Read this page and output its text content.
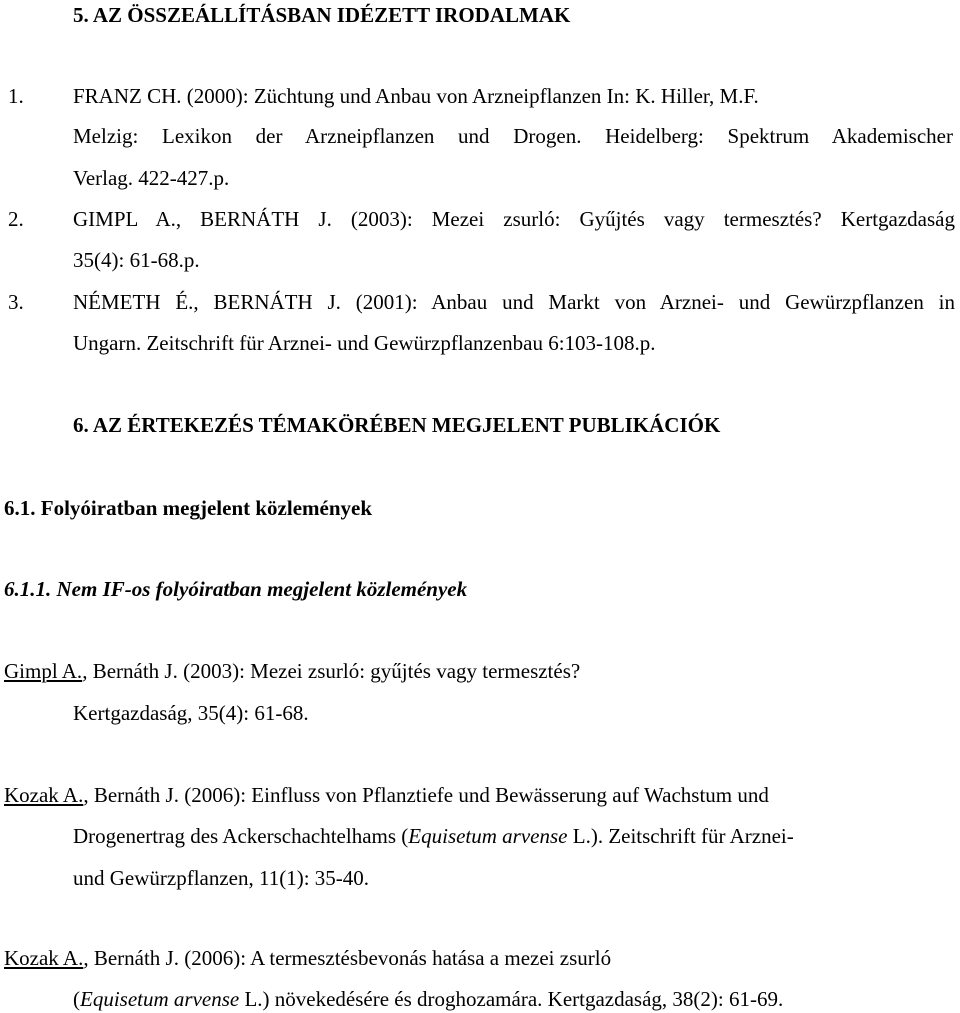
5. AZ ÖSSZEÁLLÍTÁSBAN IDÉZETT IRODALMAK
1. FRANZ CH. (2000): Züchtung und Anbau von Arzneipflanzen In: K. Hiller, M.F.
Melzig: Lexikon der Arzneipflanzen und Drogen. Heidelberg: Spektrum Akademischer
Verlag. 422-427.p.
2. GIMPL A., BERNÁTH J. (2003): Mezei zsurló: Gyűjtés vagy termesztés? Kertgazdaság
35(4): 61-68.p.
3. NÉMETH É., BERNÁTH J. (2001): Anbau und Markt von Arznei- und Gewürzpflanzen in
Ungarn. Zeitschrift für Arznei- und Gewürzpflanzenbau 6:103-108.p.
6. AZ ÉRTEKEZÉS TÉMAKÖRÉBEN MEGJELENT PUBLIKÁCIÓK
6.1. Folyóiratban megjelent közlemények
6.1.1. Nem IF-os folyóiratban megjelent közlemények
Gimpl A., Bernáth J. (2003): Mezei zsurló: gyűjtés vagy termesztés?
Kertgazdaság, 35(4): 61-68.
Kozak A., Bernáth J. (2006): Einfluss von Pflanztiefe und Bewässerung auf Wachstum und
Drogenertrag des Ackerschachtelhams (Equisetum arvense L.). Zeitschrift für Arznei-
und Gewürzpflanzen, 11(1): 35-40.
Kozak A., Bernáth J. (2006): A termesztésbevonás hatása a mezei zsurló
(Equisetum arvense L.) növekedésére és droghozamára. Kertgazdaság, 38(2): 61-69.
